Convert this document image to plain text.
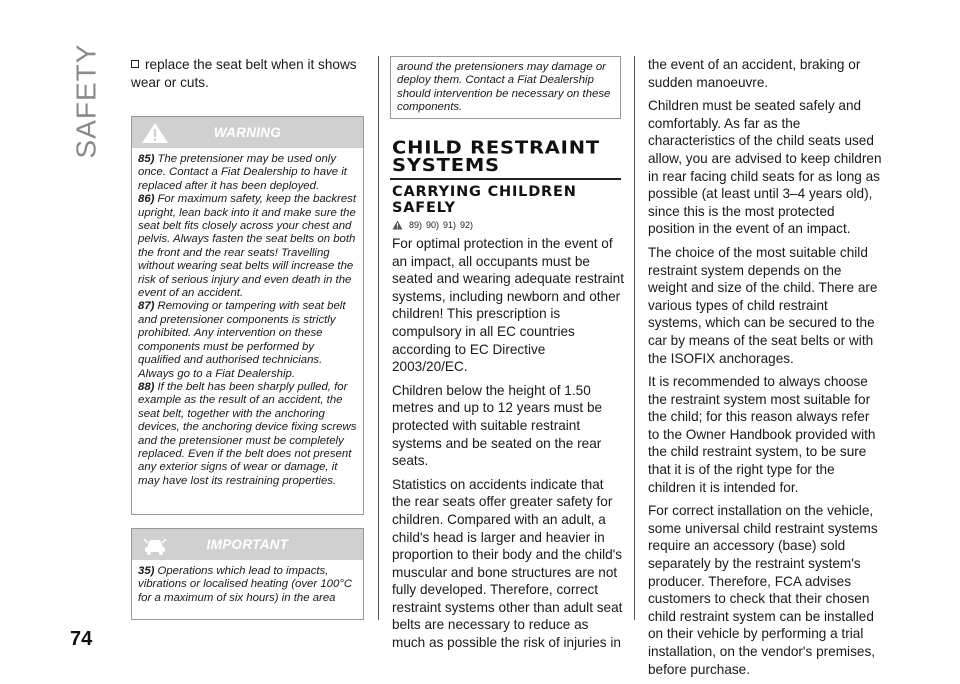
SAFETY
74

replace the seat belt when it shows wear or cuts.

WARNING

85) The pretensioner may be used only once. Contact a Fiat Dealership to have it replaced after it has been deployed.

86) For maximum safety, keep the backrest upright, lean back into it and make sure the seat belt fits closely across your chest and pelvis. Always fasten the seat belts on both the front and the rear seats! Travelling without wearing seat belts will increase the risk of serious injury and even death in the event of an accident.

87) Removing or tampering with seat belt and pretensioner components is strictly prohibited. Any intervention on these components must be performed by qualified and authorised technicians. Always go to a Fiat Dealership.

88) If the belt has been sharply pulled, for example as the result of an accident, the seat belt, together with the anchoring devices, the anchoring device fixing screws and the pretensioner must be completely replaced. Even if the belt does not present any exterior signs of wear or damage, it may have lost its restraining properties.

IMPORTANT

35) Operations which lead to impacts, vibrations or localised heating (over 100°C for a maximum of six hours) in the area

around the pretensioners may damage or deploy them. Contact a Fiat Dealership should intervention be necessary on these components.

CHILD RESTRAINT SYSTEMS
CARRYING CHILDREN SAFELY
89) 90) 91) 92)

For optimal protection in the event of an impact, all occupants must be seated and wearing adequate restraint systems, including newborn and other children! This prescription is compulsory in all EC countries according to EC Directive 2003/20/EC.

Children below the height of 1.50 metres and up to 12 years must be protected with suitable restraint systems and be seated on the rear seats.

Statistics on accidents indicate that the rear seats offer greater safety for children. Compared with an adult, a child's head is larger and heavier in proportion to their body and the child's muscular and bone structures are not fully developed. Therefore, correct restraint systems other than adult seat belts are necessary to reduce as much as possible the risk of injuries in

the event of an accident, braking or sudden manoeuvre.

Children must be seated safely and comfortably. As far as the characteristics of the child seats used allow, you are advised to keep children in rear facing child seats for as long as possible (at least until 3–4 years old), since this is the most protected position in the event of an impact.

The choice of the most suitable child restraint system depends on the weight and size of the child. There are various types of child restraint systems, which can be secured to the car by means of the seat belts or with the ISOFIX anchorages.

It is recommended to always choose the restraint system most suitable for the child; for this reason always refer to the Owner Handbook provided with the child restraint system, to be sure that it is of the right type for the children it is intended for.

For correct installation on the vehicle, some universal child restraint systems require an accessory (base) sold separately by the restraint system's producer. Therefore, FCA advises customers to check that their chosen child restraint system can be installed on their vehicle by performing a trial installation, on the vendor's premises, before purchase.
